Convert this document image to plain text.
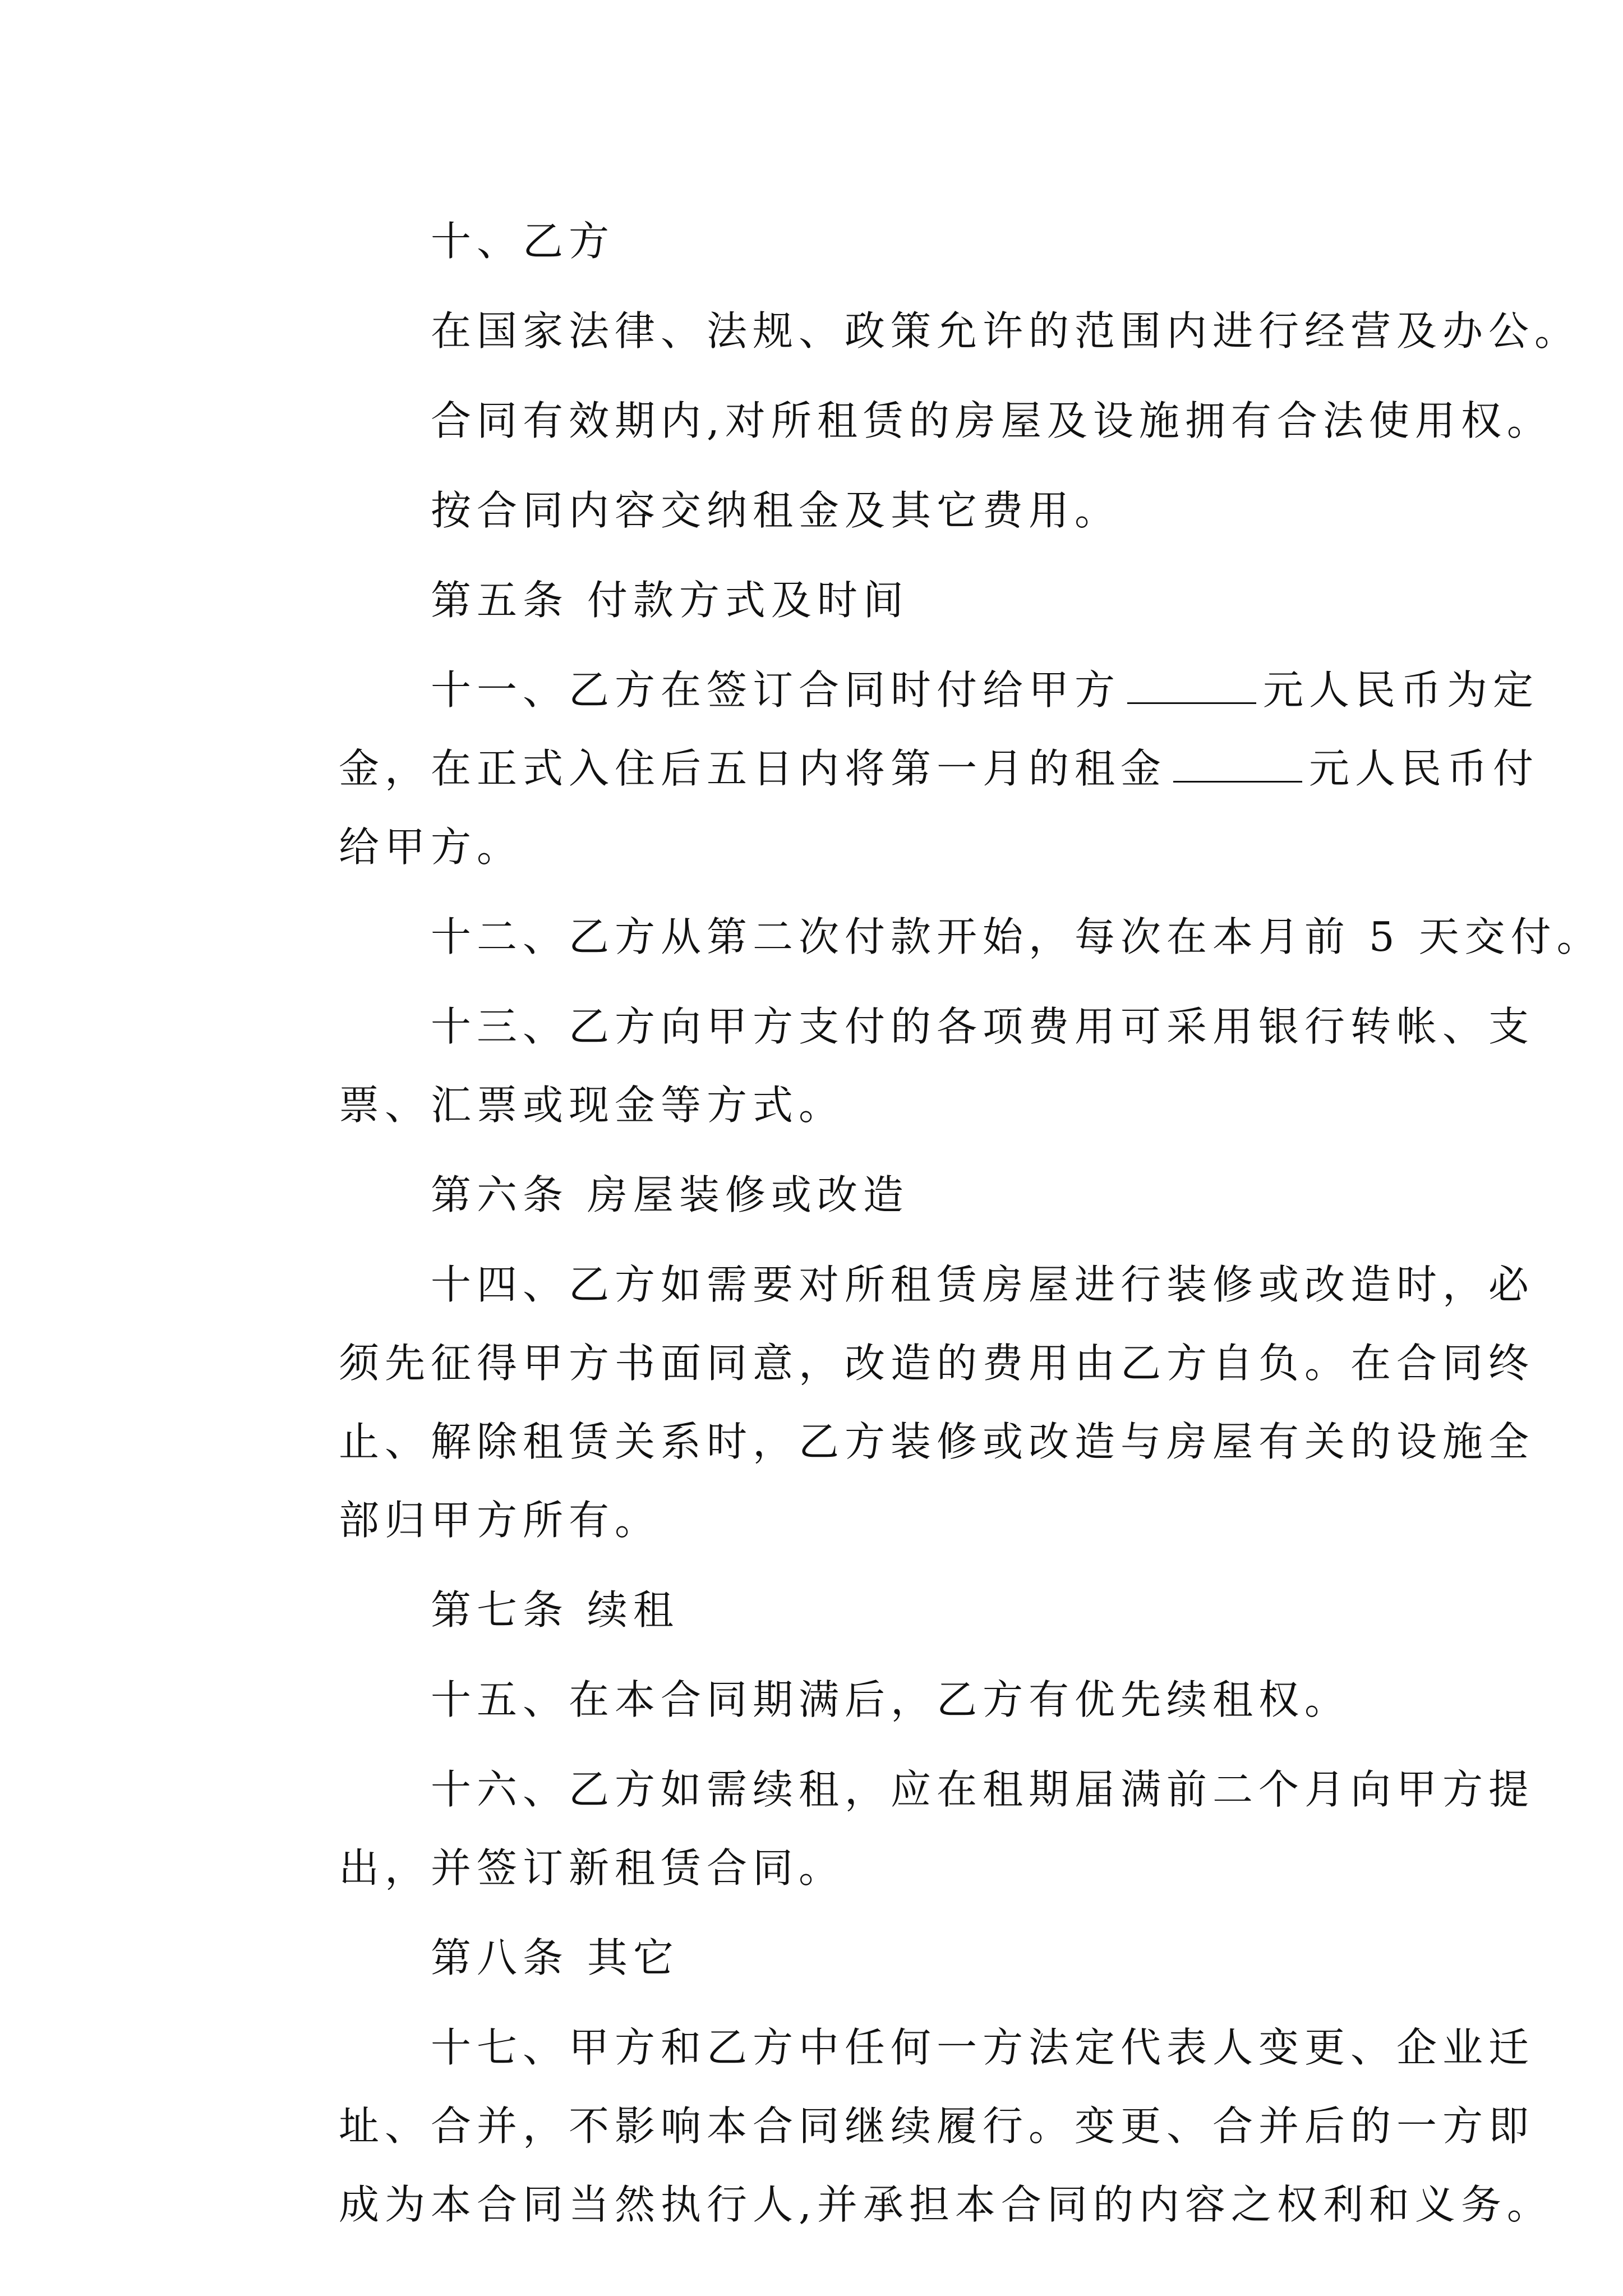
十、乙方
在国家法律、法规、政策允许的范围内进行经营及办公。
合同有效期内,对所租赁的房屋及设施拥有合法使用权。
按合同内容交纳租金及其它费用。
第五条 付款方式及时间
十一、乙方在签订合同时付给甲方	元人民币为定
金，在正式入住后五日内将第一月的租金	元人民币付
给甲方。
十二、乙方从第二次付款开始，每次在本月前 5 天交付。
十三、乙方向甲方支付的各项费用可采用银行转帐、支
票、汇票或现金等方式。
第六条 房屋装修或改造
十四、乙方如需要对所租赁房屋进行装修或改造时，必
须先征得甲方书面同意，改造的费用由乙方自负。在合同终
止、解除租赁关系时，乙方装修或改造与房屋有关的设施全
部归甲方所有。
第七条 续租
十五、在本合同期满后，乙方有优先续租权。
十六、乙方如需续租，应在租期届满前二个月向甲方提
出，并签订新租赁合同。
第八条 其它
十七、甲方和乙方中任何一方法定代表人变更、企业迁
址、合并，不影响本合同继续履行。变更、合并后的一方即
成为本合同当然执行人,并承担本合同的内容之权利和义务。
